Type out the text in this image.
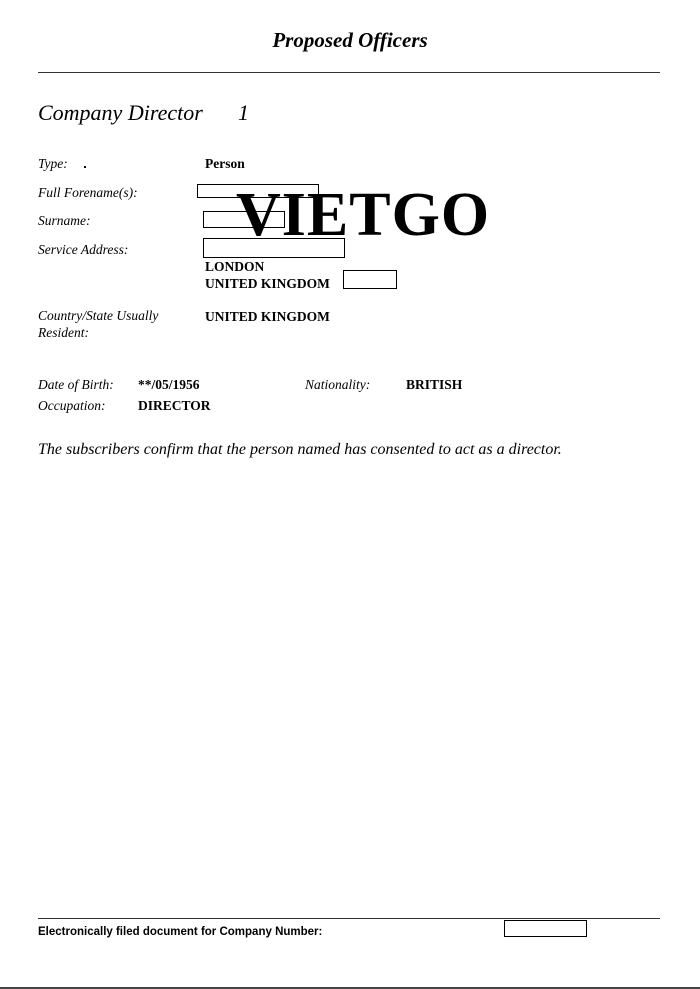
Proposed Officers
Company Director 1
Type:	Person
Full Forename(s):
Surname:
Service Address:
LONDON
UNITED KINGDOM
VIETGO
Country/State Usually
Resident:
UNITED KINGDOM
Date of Birth: **/05/1956	Nationality:	BRITISH
Occupation: DIRECTOR
The subscribers confirm that the person named has consented to act as a director.
Electronically filed document for Company Number:
